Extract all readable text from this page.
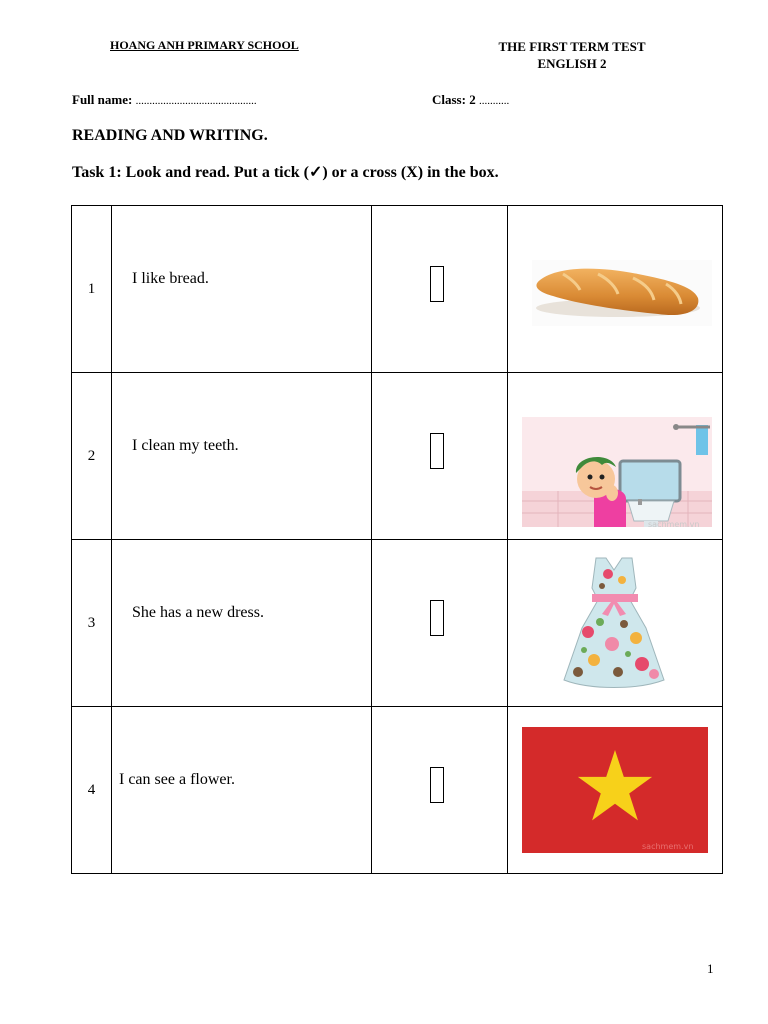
HOANG ANH PRIMARY SCHOOL	THE FIRST TERM TEST
ENGLISH 2
Full name: ............................................	Class: 2 ...........
READING AND WRITING.
Task 1: Look and read. Put a tick (✓) or a cross (X) in the box.
1	I like bread.

2	I clean my teeth.		sachmem.vn

3	She has a new dress.

4	I can see a flower.		sachmem.vn
1
